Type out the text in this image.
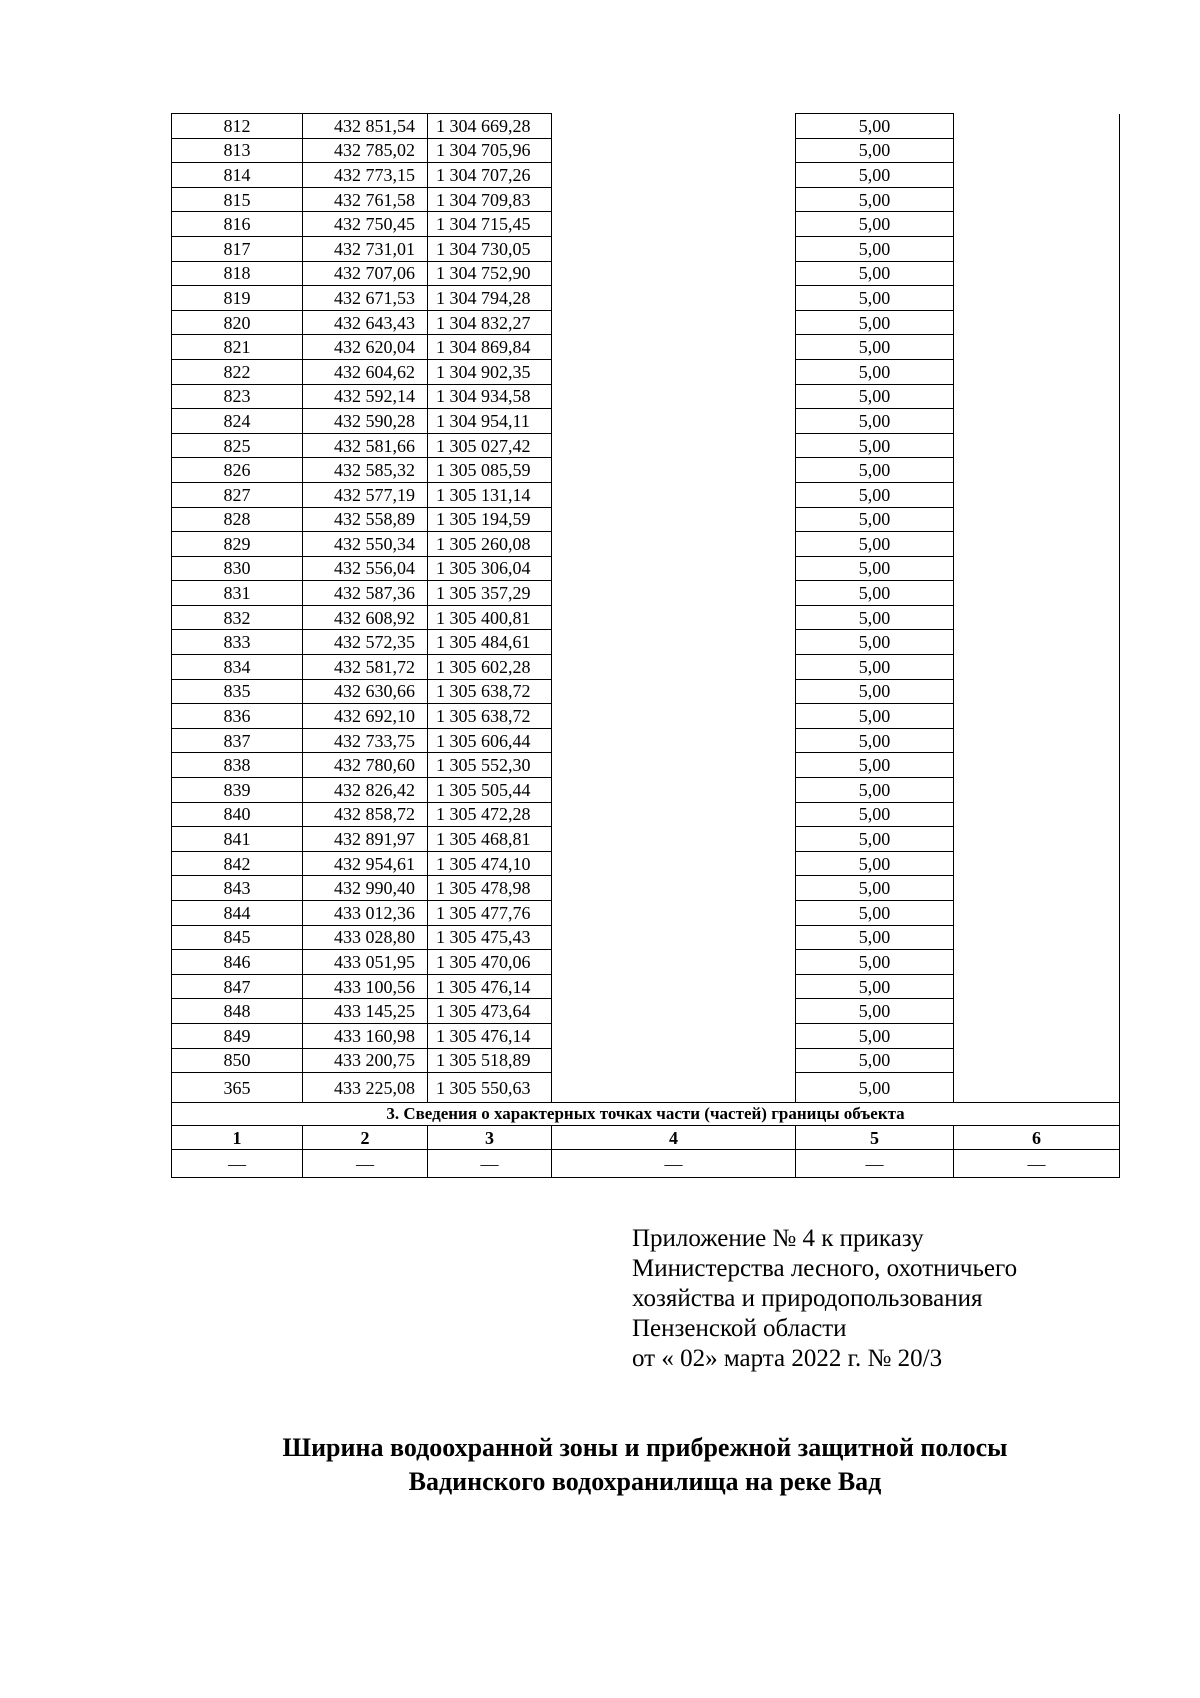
812	432 851,54	1 304 669,28		5,00	
813	432 785,02	1 304 705,96		5,00	
814	432 773,15	1 304 707,26		5,00	
815	432 761,58	1 304 709,83		5,00	
816	432 750,45	1 304 715,45		5,00	
817	432 731,01	1 304 730,05		5,00	
818	432 707,06	1 304 752,90		5,00	
819	432 671,53	1 304 794,28		5,00	
820	432 643,43	1 304 832,27		5,00	
821	432 620,04	1 304 869,84		5,00	
822	432 604,62	1 304 902,35		5,00	
823	432 592,14	1 304 934,58		5,00	
824	432 590,28	1 304 954,11		5,00	
825	432 581,66	1 305 027,42		5,00	
826	432 585,32	1 305 085,59		5,00	
827	432 577,19	1 305 131,14		5,00	
828	432 558,89	1 305 194,59		5,00	
829	432 550,34	1 305 260,08		5,00	
830	432 556,04	1 305 306,04		5,00	
831	432 587,36	1 305 357,29		5,00	
832	432 608,92	1 305 400,81		5,00	
833	432 572,35	1 305 484,61		5,00	
834	432 581,72	1 305 602,28		5,00	
835	432 630,66	1 305 638,72		5,00	
836	432 692,10	1 305 638,72		5,00	
837	432 733,75	1 305 606,44		5,00	
838	432 780,60	1 305 552,30		5,00	
839	432 826,42	1 305 505,44		5,00	
840	432 858,72	1 305 472,28		5,00	
841	432 891,97	1 305 468,81		5,00	
842	432 954,61	1 305 474,10		5,00	
843	432 990,40	1 305 478,98		5,00	
844	433 012,36	1 305 477,76		5,00	
845	433 028,80	1 305 475,43		5,00	
846	433 051,95	1 305 470,06		5,00	
847	433 100,56	1 305 476,14		5,00	
848	433 145,25	1 305 473,64		5,00	
849	433 160,98	1 305 476,14		5,00	
850	433 200,75	1 305 518,89		5,00	
365	433 225,08	1 305 550,63		5,00	
3. Сведения о характерных точках части (частей) границы объекта					
1	2	3	4	5	6
—	—	—	—	—	—
Приложение № 4 к приказу
Министерства лесного, охотничьего
хозяйства и природопользования
Пензенской области
от « 02» марта 2022 г. № 20/3
Ширина водоохранной зоны и прибрежной защитной полосы
Вадинского водохранилища на реке Вад
